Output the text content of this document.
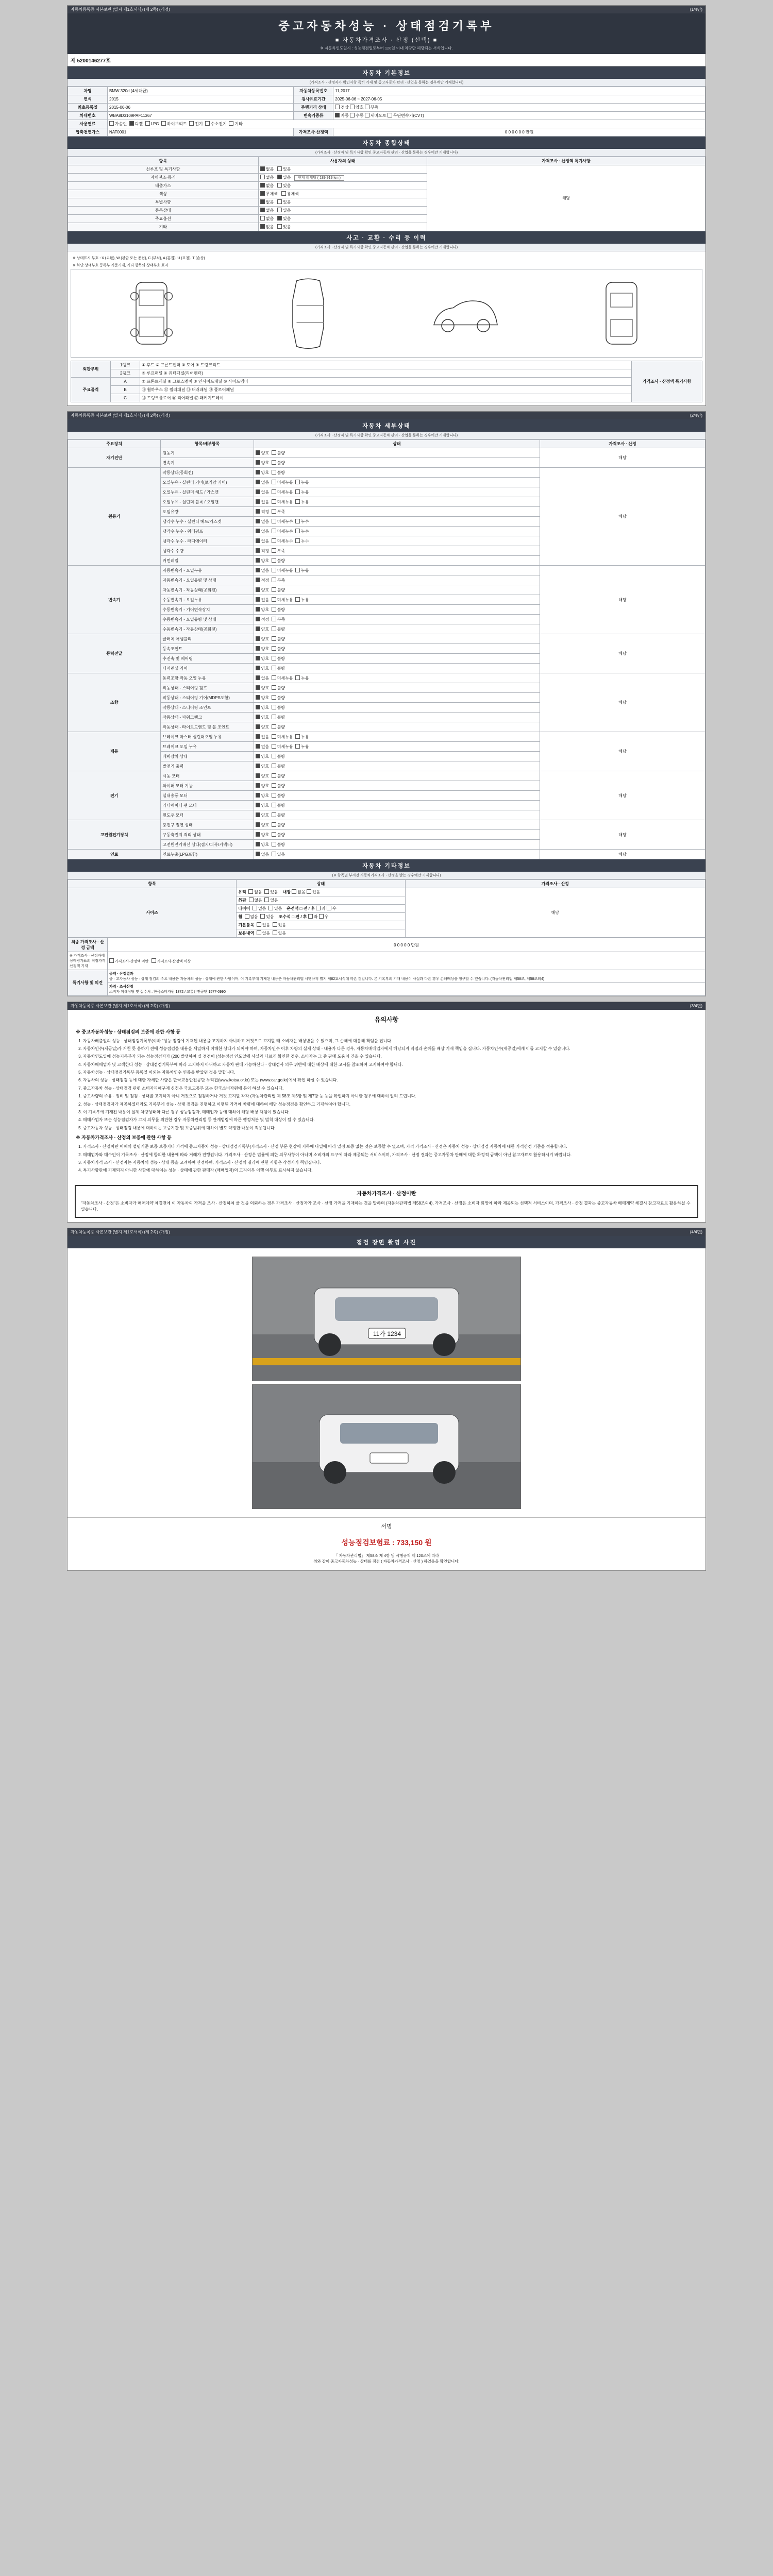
자동차등록증 사본보관 (별지 제1호서식) (제 2쪽) (개정)	(1/4면)
중고자동차성능 · 상태점검기록부
■ 자동차가격조사 · 산정 (선택) ■
※ 자동차인도일시 : 성능점검일로부터 120일 이내 차량만 해당되는 서식입니다.
제 5200146277호
자동차 기본정보
(가격조사 · 산정자가 확인사항 특히 기재 및 중고자동차 관리 · 산업을 통하는 경우에만 기재합니다)
차명	BMW 320d (4세대급)	자동차등록번호	11,2017
연식	2015	검사유효기간	2025-06-06 ~ 2027-06-05
최초등록일	2015-06-06	주행거리 상태	정상 양호 부족
차대번호	WBA8D3109PAF11367	변속기종류	자동 수동 세미오토 무단변속기(CVT)
사용연료	가솔린 디젤 LPG 하이브리드 전기 수소전기 기타		
압축천연가스	NAT0001	가격조사·산정액	0 0 0 0 0 0 만원
자동차 종합상태
(가격조사 · 산정자 및 특기사항 확인 중고자동차 관리 · 산업을 통하는 경우에만 기재합니다)
항목	사용자의 상태	가격조사 · 산정액 특기사항
선루프 및 특기사항	없음 있음	해당
자체전조·등기	없음 있음 현재 리세팅 ( 189,919 km )	
배출가스	없음 있음	
색상	무채색 유채색	
특별사항	없음 있음	
등록상태	없음 있음	
주요옵션	없음 있음	
기타	없음 있음	
사고 · 교환 · 수리 등 이력
(가격조사 · 산정자 및 특기사항 확인 중고자동차 관리 · 산업을 통하는 경우에만 기재합니다)
※ 상태표시 부호 : X (교환), W (판금 또는 용접), C (부식), A (흠집), U (요철), T (손상)
※ 하단 상태부호 등록부 기준기재, 기타 항목의 상태부호 표시
외판부위	1랭크	① 후드 ② 프론트펜더 ③ 도어 ④ 트렁크리드	가격조사 · 산정액 특기사항
	2랭크	⑤ 루프패널 ⑥ 쿼터패널(리어펜더)	
주요골격	A	⑦ 프론트패널 ⑧ 크로스멤버 ⑨ 인사이드패널 ⑩ 사이드멤버	
	B	⑪ 휠하우스 ⑫ 필러패널 ⑬ 대쉬패널 ⑭ 플로어패널	
	C	⑮ 트렁크플로어 ⑯ 리어패널 ⑰ 패키지트레이	
자동차등록증 사본보관 (별지 제1호서식) (제 2쪽) (개정)	(2/4면)
자동차 세부상태
(가격조사 · 산정자 및 특기사항 확인 중고자동차 관리 · 산업을 통하는 경우에만 기재합니다)
주요장치	항목/세부항목	상태	가격조사 · 산정
자기진단	원동기	양호  불량	해당
	변속기	양호  불량	
원동기	작동상태(공회전)	양호  불량	해당
	오일누유 - 실린더 커버(로커암 커버)	없음  미세누유  누유	
	오일누유 - 실린더 헤드 / 가스켓	없음  미세누유  누유	
	오일누유 - 실린더 블록 / 오일팬	없음  미세누유  누유	
	오일유량	적정  부족	
	냉각수 누수 - 실린더 헤드/가스켓	없음  미세누수  누수	
	냉각수 누수 - 워터펌프	없음  미세누수  누수	
	냉각수 누수 - 라디에이터	없음  미세누수  누수	
	냉각수 수량	적정  부족	
	커먼레일	양호  불량	
변속기	자동변속기 - 오일누유	없음  미세누유  누유	해당
	자동변속기 - 오일유량 및 상태	적정  부족	
	자동변속기 - 작동상태(공회전)	양호  불량	
	수동변속기 - 오일누유	없음  미세누유  누유	
	수동변속기 - 기어변속장치	양호  불량	
	수동변속기 - 오일유량 및 상태	적정  부족	
	수동변속기 - 작동상태(공회전)	양호  불량	
동력전달	클러치 어셈블리	양호  불량	해당
	등속조인트	양호  불량	
	추진축 및 베어링	양호  불량	
	디퍼렌셜 기어	양호  불량	
조향	동력조향 작동 오일 누유	없음  미세누유  누유	해당
	작동상태 - 스티어링 펌프	양호  불량	
	작동상태 - 스티어링 기어(MDPS포함)	양호  불량	
	작동상태 - 스티어링 조인트	양호  불량	
	작동상태 - 파워크랭크	양호  불량	
	작동상태 - 타이로드엔드 및 볼 조인트	양호  불량	
제동	브레이크 마스터 실린더오일 누유	없음  미세누유  누유	해당
	브레이크 오일 누유	없음  미세누유  누유	
	배력장치 상태	양호  불량	
	발전기 출력	양호  불량	
전기	시동 모터	양호  불량	해당
	와이퍼 모터 기능	양호  불량	
	실내송풍 모터	양호  불량	
	라디에이터 팬 모터	양호  불량	
	윈도우 모터	양호  불량	
고전원전기장치	충전구 절연 상태	양호  불량	해당
	구동축전지 격리 상태	양호  불량	
	고전원전기배선 상태(접지/피복/커넥터)	양호  불량	
연료	연료누출(LPG포함)	없음  있음	해당
자동차 기타정보
(※ 항목별 부서전 자동차가격조사 · 산정을 받는 경우에만 기재합니다)
항목	상태	가격조사 · 산정
사이즈	유리 없음 있음 내장 없음 있음	해당
	外판 없음 있음	
	타이어 없음 있음 운전석 □ 전 / 후 좌 우	
	휠 없음 있음 조수석 □ 전 / 후 좌 우	
	기본품목 없음 있음	
	보유내역 없음 있음	
최종 가격조사 · 산정 금액	0 0 0 0 0 만원
※ 가격조사 · 산정자에 상태평가표의 적정가격 산정액 기재	가격조사·산정액 미만 가격조사·산정액 이상
특기사항 및 의견	금액 · 산정결과
중 · 고자동차 성능 · 상태 점검의 주요 내용은 자동차의 성능 · 상태에 관한 사항이며, 이 기록부에 기재된 내용은 자동차관리법 시행규칙 별지 제82호서식에 따른 것입니다. 본 기록부의 기재 내용이 사실과 다른 경우 손해배상을 청구할 수 있습니다. (자동차관리법 제58조, 제58조의4)

	가격 · 조사산정
소비자 피해상담 및 접수처 : 한국소비자원 1372 / 교통안전공단 1577-0990
자동차등록증 사본보관 (별지 제1호서식) (제 2쪽) (개정)	(3/4면)
유의사항
※ 중고자동차성능 · 상태점검의 보증에 관한 사항 등
1. 자동차배출일의 성능 · 상태점검기록부(이하 "성능 점검에 기재된 내용을 고지하지 아니하고 거짓으로 고지할 때 소비자는 배상받을 수 있으며, 그 손해에 대응해 책임을 집니다.
2. 자동차인수(제공일)가 거친 듯 음하기 전에 성능점검을 내용을 세밀하게 이해한 상태가 되어야 하며, 자동차인수 이후 차량의 실제 상태 · 내용가 다른 경우, 자동차매매업자에게 해당되지 직접과 손해를 배상 기재 책임을 집니다. 자동차인수(제공일)에게 이를 고지할 수 있습니다.
3. 자동차인도일에 성능기록부가 되는 성능점검자가 (200 발생하여 실 점검이 (성능점검 인도일에 사실과 다르게 확인한 경우, 소비자는 그 중 판매 도움이 건을 수 있습니다.
4. 자동차매매업자 및 고객한다 성능 · 상태점검기록부에 따라 고지하지 아니하고 자동차 판매 가능하신다 · 상태검사 의무 위반에 대한 배상에 대한 고시를 참조하여 고지하여야 합니다.
5. 자동차성능 · 상태점검기록부 등록일 이외는 자동차인수 인증을 받았던 것을 말합니다.
6. 자동차의 성능 · 상태점검 등에 대한 자세한 사항은 한국교통안전공단 누리집(www.kotsa.or.kr) 또는 (www.car.go.kr)에서 확인 하실 수 있습니다.
7. 중고자동차 성능 · 상태점검 관련 소비자피해구제 신청은 국토교통부 또는 한국소비자원에 문의 하실 수 있습니다.
1. 중고차량의 주유 · 정비 및 점검 · 상태를 고지하지 아니 거짓으로 점검하거나 거짓 고지할 각각 (자동차관리법 제 58조 제5항 및 제7항 등 등을 확인하지 아니한 경우에 대하여 알려 드립니다.
2. 성능 · 상태점검자가 제공하였더라도 기록부에 성능 · 상태 점검을 진행하고 이행된 가격에 차량에 대하여 해당 성능점검을 확인하고 기재하여야 합니다.
3. 이 기록부에 기재된 내용이 실제 차량상태와 다른 경우 성능점검자, 매매업자 등에 대하여 해당 배상 책임이 있습니다.
4. 매매사업자 또는 성능점검자가 고지 의무를 위반한 경우 자동차관리법 등 관계법령에 따른 행정처분 및 벌칙 대상이 될 수 있습니다.
5. 중고자동차 성능 · 상태점검 내용에 대하여는 보증기간 및 보증범위에 대하여 별도 약정한 내용이 적용됩니다.
※ 자동차가격조사 · 산정의 보증에 관한 사항 등
1. 가격조사 · 산정이란 이해의 설명기준 보증 보증기타 가격에 중고자동차 성능 · 상태점검기록부(가격조사 · 산정 부문 현장에 기록에 나열에 따라 일정 보증 없는 것은 보증할 수 없으며, 가격 가격조사 · 산정은 자동차 성능 · 상태점검 자동차에 대한 가격산정 기준을 적용합니다.
2. 매매업자와 매수인이 기록조사 · 산정에 합의한 내용에 따라 거래가 진행됩니다. 가격조사 · 산정은 법률에 의한 의무사항이 아니며 소비자의 요구에 따라 제공되는 서비스이며, 가격조사 · 산정 결과는 중고자동차 판매에 대한 확정적 금액이 아닌 참고자료로 활용하시기 바랍니다.
3. 자동차가격 조사 · 산정자는 자동차의 성능 · 상태 등을 고려하여 산정하며, 가격조사 · 산정의 결과에 관한 사항은 작성자가 책임집니다.
4. 특기사항란에 기재되지 아니한 사항에 대하여는 성능 · 상태에 관한 판매자 (매매업자)의 고지의무 이행 여부로 표시하지 않습니다.
자동차가격조사 · 산정이란
"자동차조사 · 산정"은 소비자가 매매계약 체결전에 이 자동차의 가격을 조사 · 산정하여 줄 것을 의뢰하는 경우 가격조사 · 산정자가 조사 · 산정 가격을 기재하는 것을 말하며 (자동차관리법 제58조의4), 가격조사 · 산정은 소비자 희망에 따라 제공되는 선택적 서비스이며, 가격조사 · 산정 결과는 중고자동차 매매계약 체결시 참고자료로 활용하실 수 있습니다.
자동차등록증 사본보관 (별지 제1호서식) (제 2쪽) (개정)	(4/4면)
점검 장면 촬영 사진
11가 1234
서명
성능점검보험료 : 733,150 원
「 자동차관리법」 제58조 제 4항 및 시행규칙 제 120조에 따라
위와 같이 중고자동차성능 · 상태를 점검 ( 자동차가격조사 · 산정 ) 하였음을 확인합니다.
